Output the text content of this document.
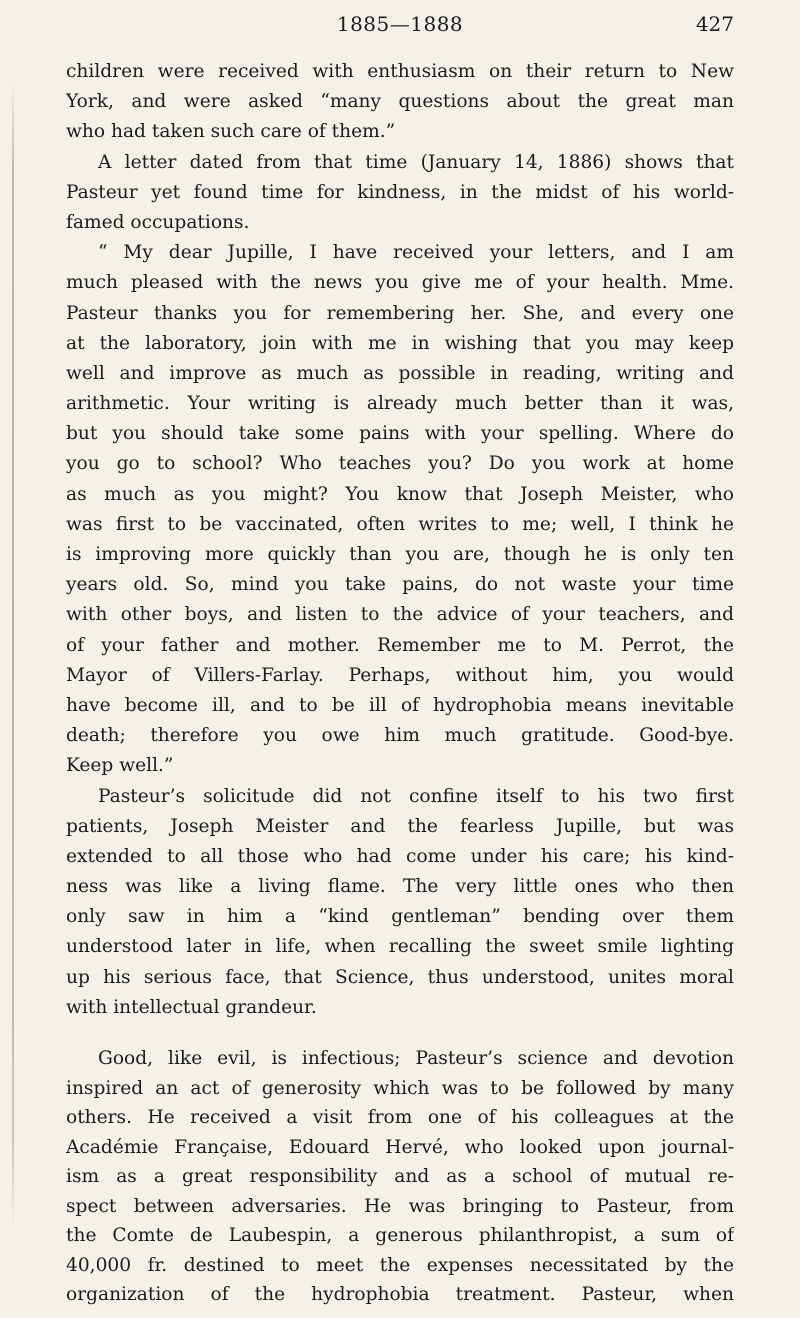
1885—1888	427
children were received with enthusiasm on their return to New
York, and were asked “many questions about the great man
who had taken such care of them.”
A letter dated from that time (January 14, 1886) shows that
Pasteur yet found time for kindness, in the midst of his world-
famed occupations.
“ My dear Jupille, I have received your letters, and I am
much pleased with the news you give me of your health. Mme.
Pasteur thanks you for remembering her. She, and every one
at the laboratory, join with me in wishing that you may keep
well and improve as much as possible in reading, writing and
arithmetic. Your writing is already much better than it was,
but you should take some pains with your spelling. Where do
you go to school? Who teaches you? Do you work at home
as much as you might? You know that Joseph Meister, who
was first to be vaccinated, often writes to me; well, I think he
is improving more quickly than you are, though he is only ten
years old. So, mind you take pains, do not waste your time
with other boys, and listen to the advice of your teachers, and
of your father and mother. Remember me to M. Perrot, the
Mayor of Villers-Farlay. Perhaps, without him, you would
have become ill, and to be ill of hydrophobia means inevitable
death; therefore you owe him much gratitude. Good-bye.
Keep well.”
Pasteur’s solicitude did not confine itself to his two first
patients, Joseph Meister and the fearless Jupille, but was
extended to all those who had come under his care; his kind-
ness was like a living flame. The very little ones who then
only saw in him a “kind gentleman” bending over them
understood later in life, when recalling the sweet smile lighting
up his serious face, that Science, thus understood, unites moral
with intellectual grandeur.
Good, like evil, is infectious; Pasteur’s science and devotion
inspired an act of generosity which was to be followed by many
others. He received a visit from one of his colleagues at the
Académie Française, Edouard Hervé, who looked upon journal-
ism as a great responsibility and as a school of mutual re-
spect between adversaries. He was bringing to Pasteur, from
the Comte de Laubespin, a generous philanthropist, a sum of
40,000 fr. destined to meet the expenses necessitated by the
organization of the hydrophobia treatment. Pasteur, when
